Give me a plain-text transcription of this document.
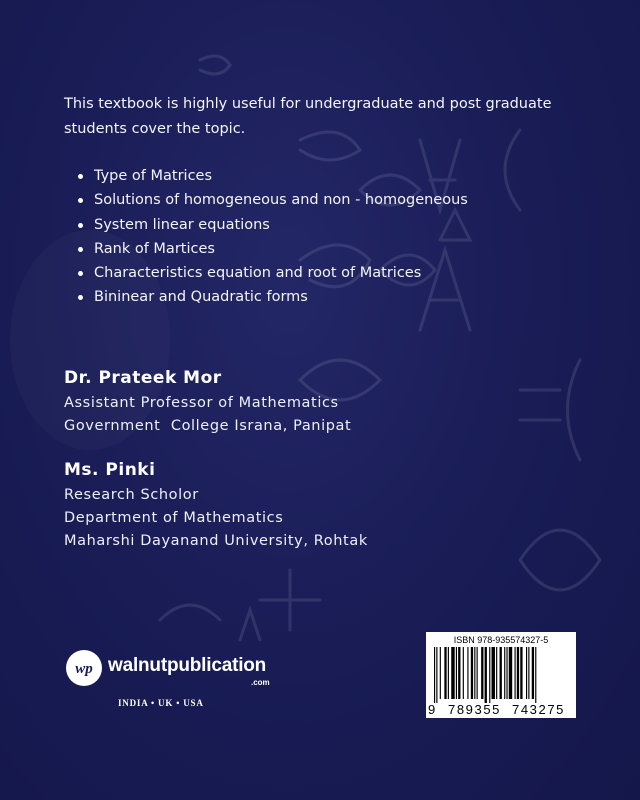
This textbook is highly useful for undergraduate and post graduate students cover the topic.
Type of Matrices
Solutions of homogeneous and non - homogeneous
System linear equations
Rank of Martices
Characteristics equation and root of Matrices
Bininear and Quadratic forms
Dr. Prateek Mor
Assistant Professor of Mathematics
Government  College Israna, Panipat
Ms. Pinki
Research Scholor
Department of Mathematics
Maharshi Dayanand University, Rohtak
wp walnutpublication
.com
INDIA • UK • USA
ISBN 978-935574327-5
9 789355 743275
